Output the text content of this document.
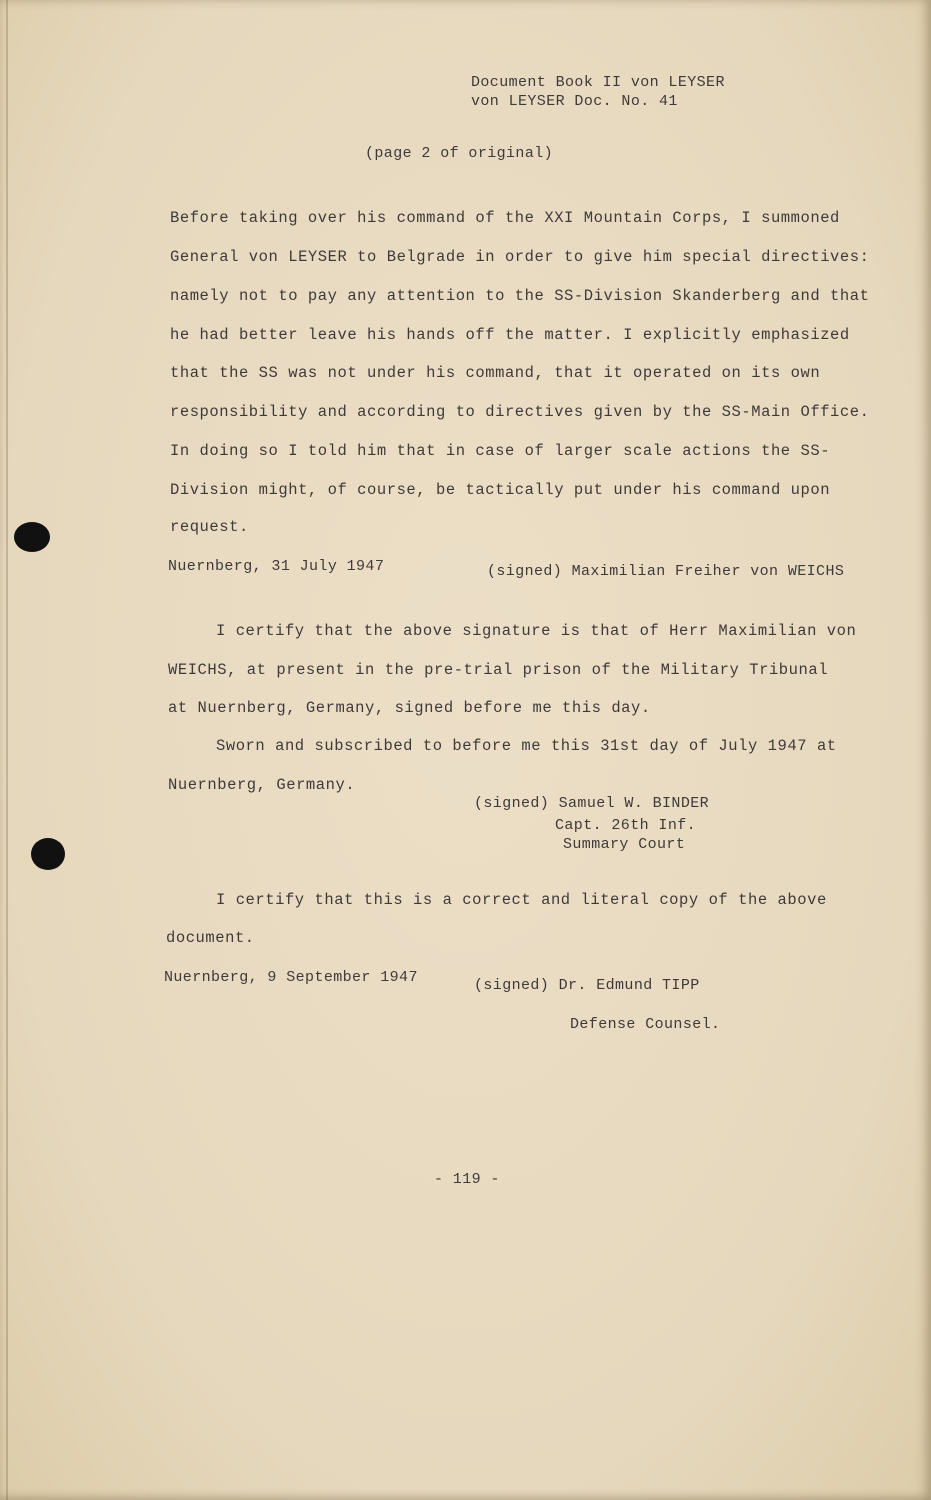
Document Book II von LEYSER
von LEYSER Doc. No. 41
(page 2 of original)
Before taking over his command of the XXI Mountain Corps, I summoned
General von LEYSER to Belgrade in order to give him special directives:
namely not to pay any attention to the SS-Division Skanderberg and that
he had better leave his hands off the matter. I explicitly emphasized
that the SS was not under his command, that it operated on its own
responsibility and according to directives given by the SS-Main Office.
In doing so I told him that in case of larger scale actions the SS-
Division might, of course, be tactically put under his command upon
request.
Nuernberg, 31 July 1947	(signed) Maximilian Freiher von WEICHS
I certify that the above signature is that of Herr Maximilian von
WEICHS, at present in the pre-trial prison of the Military Tribunal
at Nuernberg, Germany, signed before me this day.
Sworn and subscribed to before me this 31st day of July 1947 at
Nuernberg, Germany.
(signed) Samuel W. BINDER
Capt. 26th Inf.
Summary Court
I certify that this is a correct and literal copy of the above
document.
Nuernberg, 9 September 1947	(signed) Dr. Edmund TIPP
Defense Counsel.
- 119 -
